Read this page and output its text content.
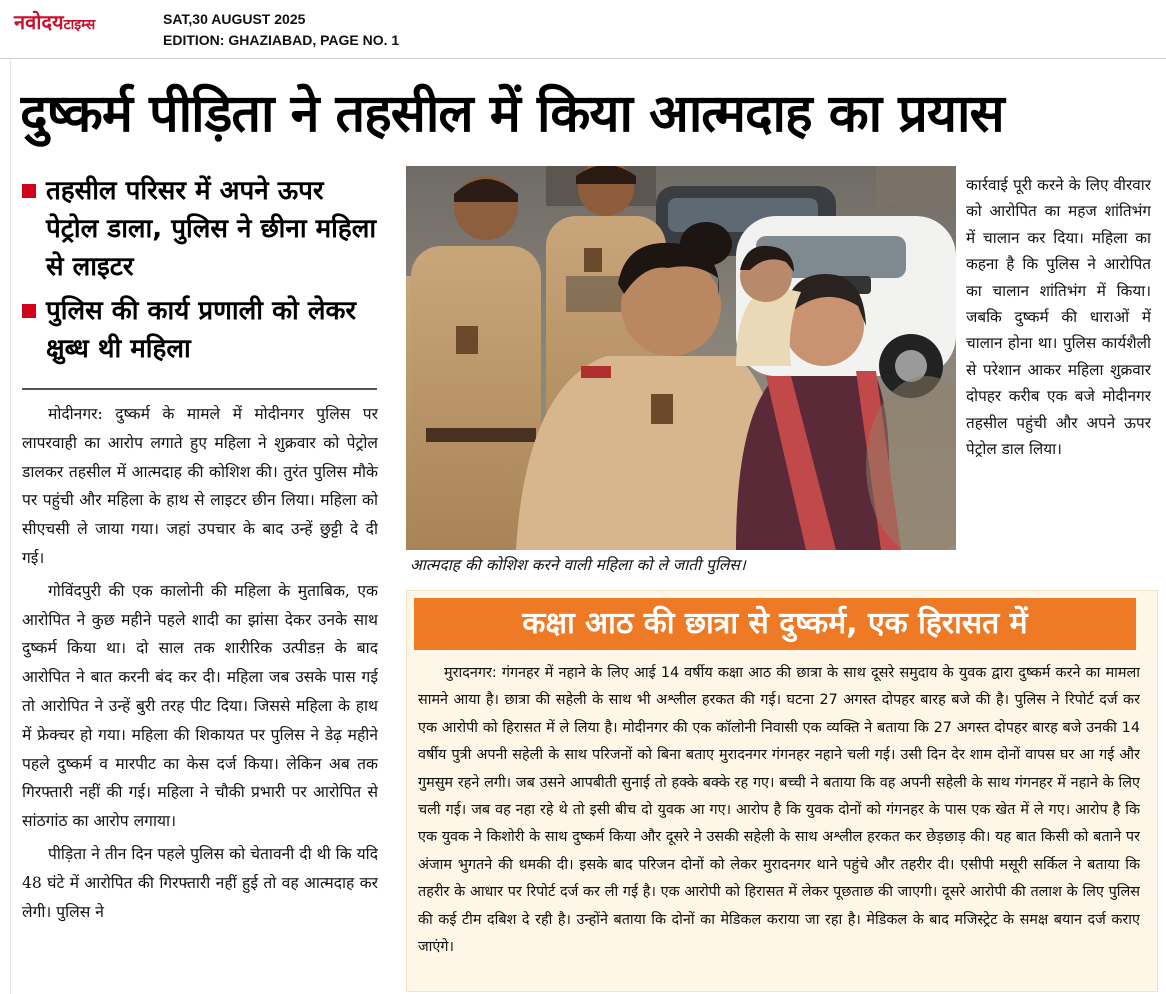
नवोदयटाइम्स	SAT,30 AUGUST 2025
EDITION: GHAZIABAD, PAGE NO. 1
दुष्कर्म पीड़िता ने तहसील में किया आत्मदाह का प्रयास
तहसील परिसर में अपने ऊपर पेट्रोल डाला, पुलिस ने छीना महिला से लाइटर
पुलिस की कार्य प्रणाली को लेकर क्षुब्ध थी महिला

मोदीनगर: दुष्कर्म के मामले में मोदीनगर पुलिस पर लापरवाही का आरोप लगाते हुए महिला ने शुक्रवार को पेट्रोल डालकर तहसील में आत्मदाह की कोशिश की। तुरंत पुलिस मौके पर पहुंची और महिला के हाथ से लाइटर छीन लिया। महिला को सीएचसी ले जाया गया। जहां उपचार के बाद उन्हें छुट्टी दे दी गई।

गोविंदपुरी की एक कालोनी की महिला के मुताबिक, एक आरोपित ने कुछ महीने पहले शादी का झांसा देकर उनके साथ दुष्कर्म किया था। दो साल तक शारीरिक उत्पीडऩ के बाद आरोपित ने बात करनी बंद कर दी। महिला जब उसके पास गई तो आरोपित ने उन्हें बुरी तरह पीट दिया। जिससे महिला के हाथ में फ्रेक्चर हो गया। महिला की शिकायत पर पुलिस ने डेढ़ महीने पहले दुष्कर्म व मारपीट का केस दर्ज किया। लेकिन अब तक गिरफ्तारी नहीं की गई। महिला ने चौकी प्रभारी पर आरोपित से सांठगांठ का आरोप लगाया।

पीड़िता ने तीन दिन पहले पुलिस को चेतावनी दी थी कि यदि 48 घंटे में आरोपित की गिरफ्तारी नहीं हुई तो वह आत्मदाह कर लेगी। पुलिस ने

आत्मदाह की कोशिश करने वाली महिला को ले जाती पुलिस।
कार्रवाई पूरी करने के लिए वीरवार को आरोपित का महज शांतिभंग में चालान कर दिया। महिला का कहना है कि पुलिस ने आरोपित का चालान शांतिभंग में किया। जबकि दुष्कर्म की धाराओं में चालान होना था। पुलिस कार्यशैली से परेशान आकर महिला शुक्रवार दोपहर करीब एक बजे मोदीनगर तहसील पहुंची और अपने ऊपर पेट्रोल डाल लिया।
कक्षा आठ की छात्रा से दुष्कर्म, एक हिरासत में

मुरादनगर: गंगनहर में नहाने के लिए आई 14 वर्षीय कक्षा आठ की छात्रा के साथ दूसरे समुदाय के युवक द्वारा दुष्कर्म करने का मामला सामने आया है। छात्रा की सहेली के साथ भी अश्लील हरकत की गई। घटना 27 अगस्त दोपहर बारह बजे की है। पुलिस ने रिपोर्ट दर्ज कर एक आरोपी को हिरासत में ले लिया है। मोदीनगर की एक कॉलोनी निवासी एक व्यक्ति ने बताया कि 27 अगस्त दोपहर बारह बजे उनकी 14 वर्षीय पुत्री अपनी सहेली के साथ परिजनों को बिना बताए मुरादनगर गंगनहर नहाने चली गई। उसी दिन देर शाम दोनों वापस घर आ गई और गुमसुम रहने लगी। जब उसने आपबीती सुनाई तो हक्के बक्के रह गए। बच्ची ने बताया कि वह अपनी सहेली के साथ गंगनहर में नहाने के लिए चली गई। जब वह नहा रहे थे तो इसी बीच दो युवक आ गए। आरोप है कि युवक दोनों को गंगनहर के पास एक खेत में ले गए। आरोप है कि एक युवक ने किशोरी के साथ दुष्कर्म किया और दूसरे ने उसकी सहेली के साथ अश्लील हरकत कर छेड़छाड़ की। यह बात किसी को बताने पर अंजाम भुगतने की धमकी दी। इसके बाद परिजन दोनों को लेकर मुरादनगर थाने पहुंचे और तहरीर दी। एसीपी मसूरी सर्किल ने बताया कि तहरीर के आधार पर रिपोर्ट दर्ज कर ली गई है। एक आरोपी को हिरासत में लेकर पूछताछ की जाएगी। दूसरे आरोपी की तलाश के लिए पुलिस की कई टीम दबिश दे रही है। उन्होंने बताया कि दोनों का मेडिकल कराया जा रहा है। मेडिकल के बाद मजिस्ट्रेट के समक्ष बयान दर्ज कराए जाएंगे।
